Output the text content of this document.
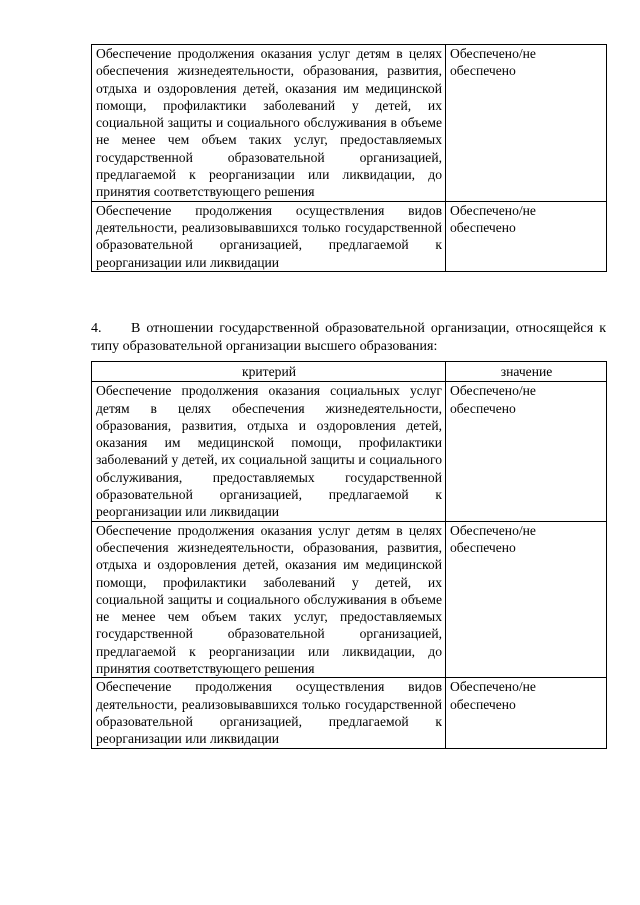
Обеспечение продолжения оказания услуг детям в целях обеспечения жизнедеятельности, образования, развития, отдыха и оздоровления детей, оказания им медицинской помощи, профилактики заболеваний у детей, их социальной защиты и социального обслуживания в объеме не менее чем объем таких услуг, предоставляемых государственной образовательной организацией, предлагаемой к реорганизации или ликвидации, до принятия соответствующего решения	Обеспечено/не обеспечено
Обеспечение продолжения осуществления видов деятельности, реализовывавшихся только государственной образовательной организацией, предлагаемой к реорганизации или ликвидации	Обеспечено/не обеспечено

4. В отношении государственной образовательной организации, относящейся к типу образовательной организации высшего образования:

критерий	значение
Обеспечение продолжения оказания социальных услуг детям в целях обеспечения жизнедеятельности, образования, развития, отдыха и оздоровления детей, оказания им медицинской помощи, профилактики заболеваний у детей, их социальной защиты и социального обслуживания, предоставляемых государственной образовательной организацией, предлагаемой к реорганизации или ликвидации	Обеспечено/не обеспечено
Обеспечение продолжения оказания услуг детям в целях обеспечения жизнедеятельности, образования, развития, отдыха и оздоровления детей, оказания им медицинской помощи, профилактики заболеваний у детей, их социальной защиты и социального обслуживания в объеме не менее чем объем таких услуг, предоставляемых государственной образовательной организацией, предлагаемой к реорганизации или ликвидации, до принятия соответствующего решения	Обеспечено/не обеспечено
Обеспечение продолжения осуществления видов деятельности, реализовывавшихся только государственной образовательной организацией, предлагаемой к реорганизации или ликвидации	Обеспечено/не обеспечено
